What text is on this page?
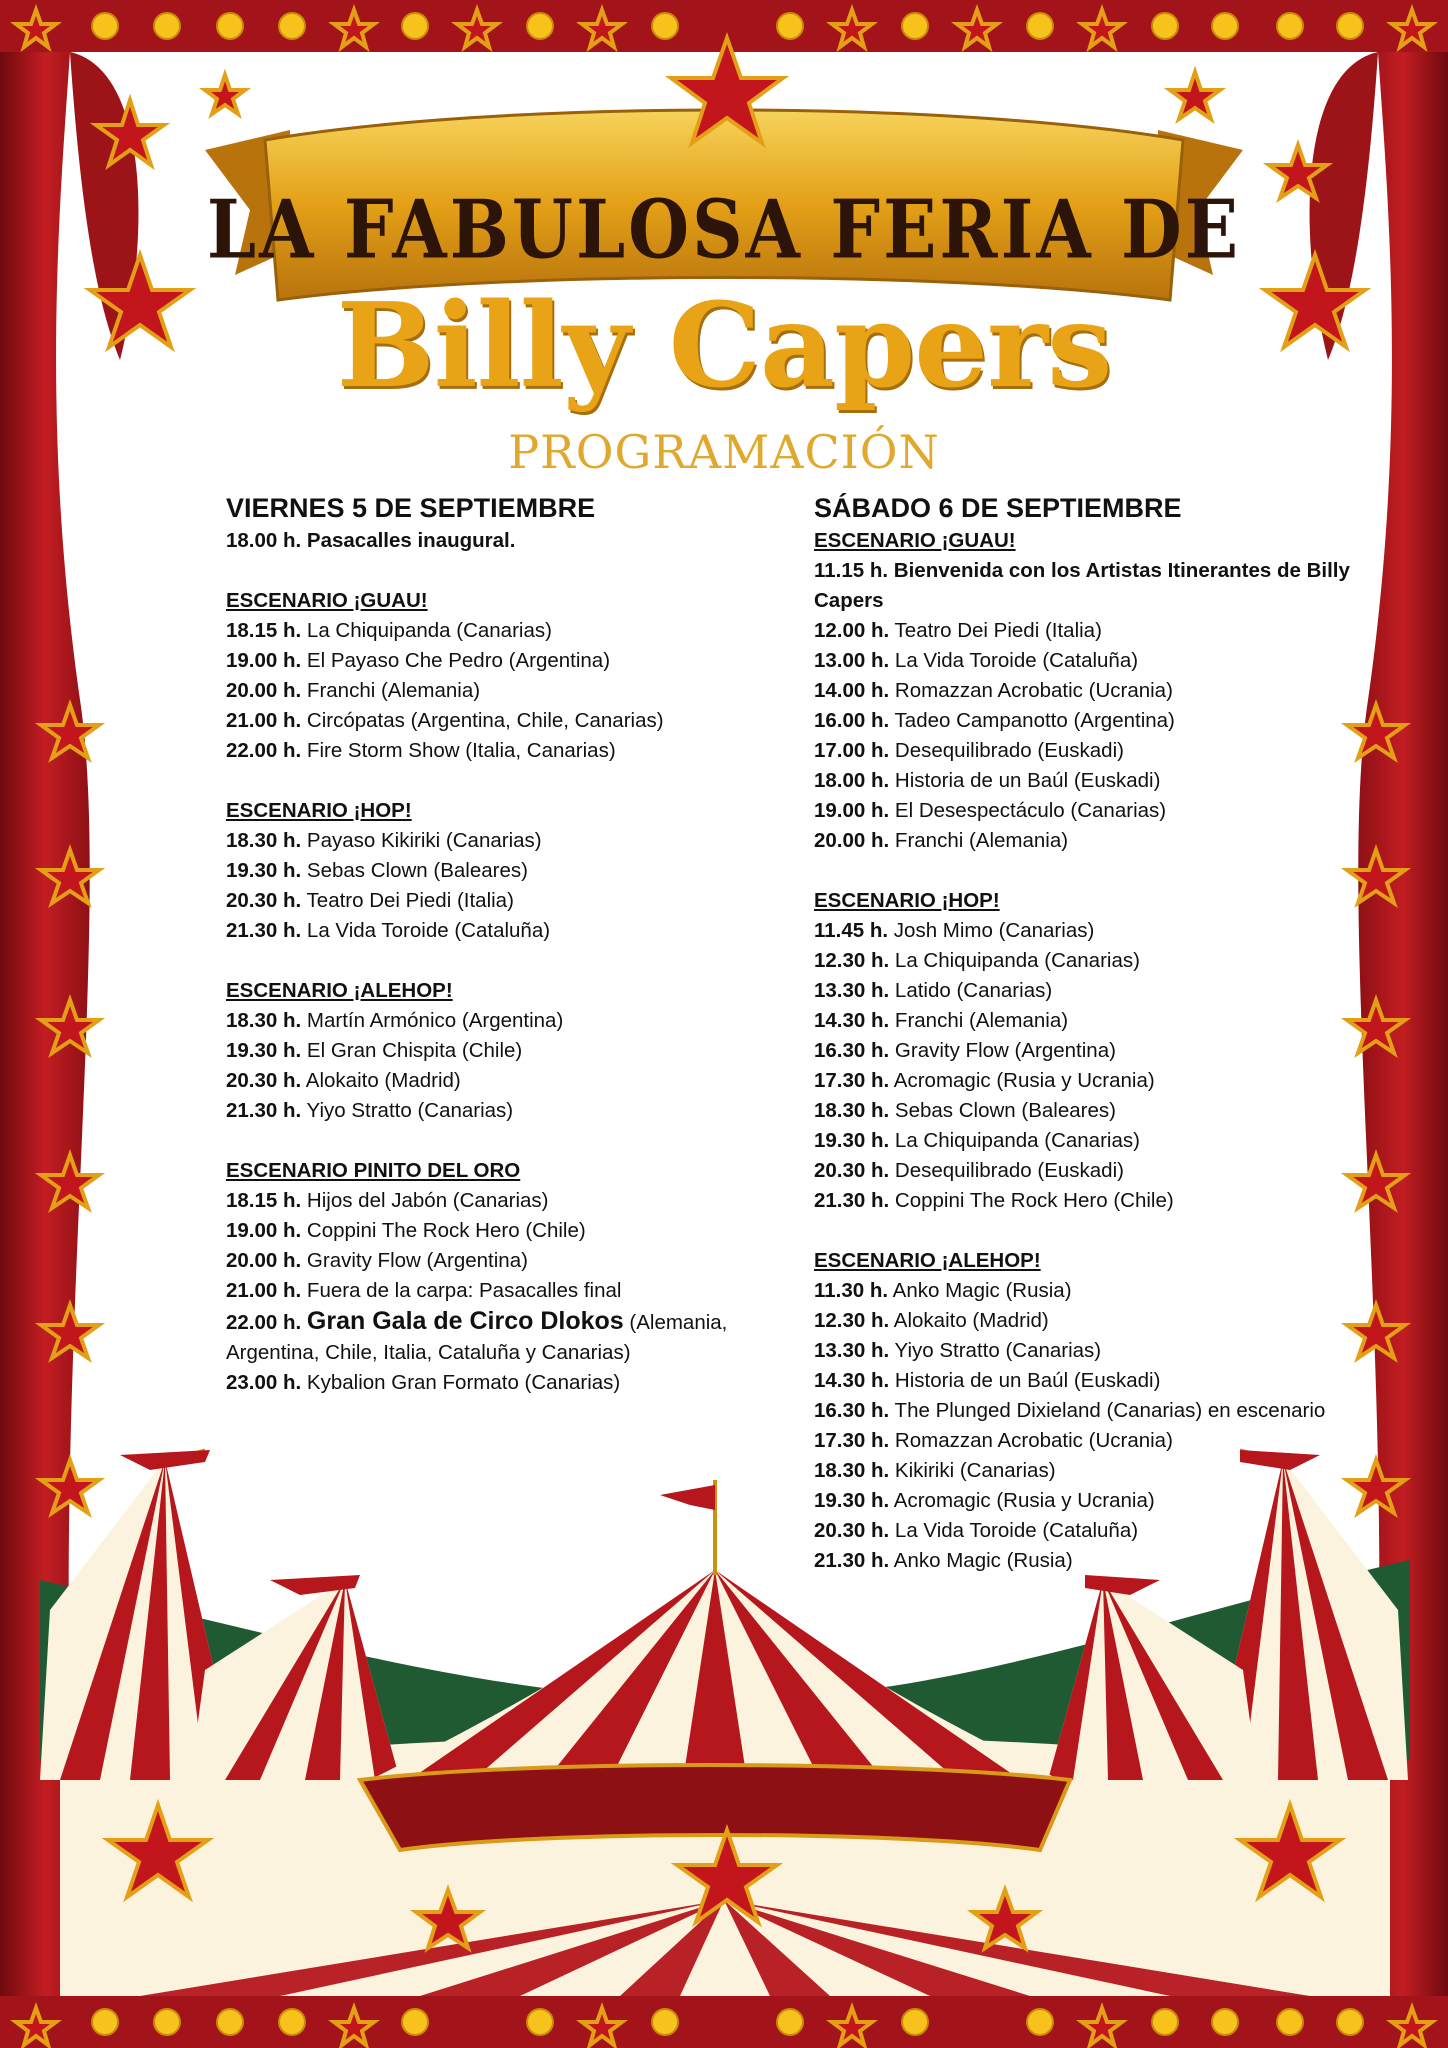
LA FABULOSA FERIA DE
Billy Capers
PROGRAMACIÓN
VIERNES 5 DE SEPTIEMBRE

18.00 h. Pasacalles inaugural.

ESCENARIO ¡GUAU!

18.15 h. La Chiquipanda (Canarias)

19.00 h. El Payaso Che Pedro (Argentina)

20.00 h. Franchi (Alemania)

21.00 h. Circópatas (Argentina, Chile, Canarias)

22.00 h. Fire Storm Show (Italia, Canarias)

ESCENARIO ¡HOP!

18.30 h. Payaso Kikiriki (Canarias)

19.30 h. Sebas Clown (Baleares)

20.30 h. Teatro Dei Piedi (Italia)

21.30 h. La Vida Toroide (Cataluña)

ESCENARIO ¡ALEHOP!

18.30 h. Martín Armónico (Argentina)

19.30 h. El Gran Chispita (Chile)

20.30 h. Alokaito (Madrid)

21.30 h. Yiyo Stratto (Canarias)

ESCENARIO PINITO DEL ORO

18.15 h. Hijos del Jabón (Canarias)

19.00 h. Coppini The Rock Hero (Chile)

20.00 h. Gravity Flow (Argentina)

21.00 h. Fuera de la carpa: Pasacalles final

22.00 h. Gran Gala de Circo Dlokos (Alemania, Argentina, Chile, Italia, Cataluña y Canarias)

23.00 h. Kybalion Gran Formato (Canarias)

SÁBADO 6 DE SEPTIEMBRE

ESCENARIO ¡GUAU!

11.15 h. Bienvenida con los Artistas Itinerantes de Billy Capers

12.00 h. Teatro Dei Piedi (Italia)

13.00 h. La Vida Toroide (Cataluña)

14.00 h. Romazzan Acrobatic (Ucrania)

16.00 h. Tadeo Campanotto (Argentina)

17.00 h. Desequilibrado (Euskadi)

18.00 h. Historia de un Baúl (Euskadi)

19.00 h. El Desespectáculo (Canarias)

20.00 h. Franchi (Alemania)

ESCENARIO ¡HOP!

11.45 h. Josh Mimo (Canarias)

12.30 h. La Chiquipanda (Canarias)

13.30 h. Latido (Canarias)

14.30 h. Franchi (Alemania)

16.30 h. Gravity Flow (Argentina)

17.30 h. Acromagic (Rusia y Ucrania)

18.30 h. Sebas Clown (Baleares)

19.30 h. La Chiquipanda (Canarias)

20.30 h. Desequilibrado (Euskadi)

21.30 h. Coppini The Rock Hero (Chile)

ESCENARIO ¡ALEHOP!

11.30 h. Anko Magic (Rusia)

12.30 h. Alokaito (Madrid)

13.30 h. Yiyo Stratto (Canarias)

14.30 h. Historia de un Baúl (Euskadi)

16.30 h. The Plunged Dixieland (Canarias) en escenario

17.30 h. Romazzan Acrobatic (Ucrania)

18.30 h. Kikiriki (Canarias)

19.30 h. Acromagic (Rusia y Ucrania)

20.30 h. La Vida Toroide (Cataluña)

21.30 h. Anko Magic (Rusia)
